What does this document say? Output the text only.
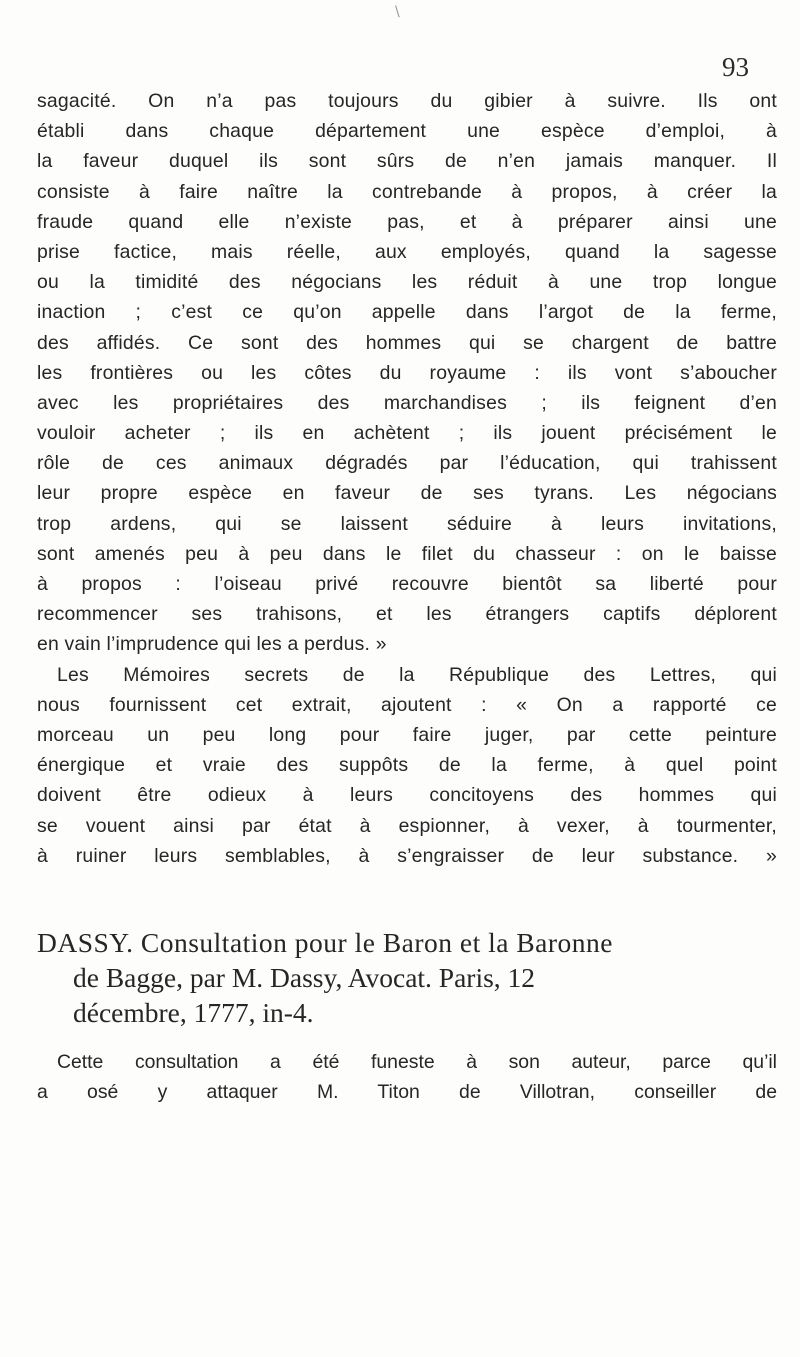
\
93
sagacité. On n’a pas toujours du gibier à suivre. Ils ont
établi dans chaque département une espèce d’emploi, à
la faveur duquel ils sont sûrs de n’en jamais manquer. Il
consiste à faire naître la contrebande à propos, à créer la
fraude quand elle n’existe pas, et à préparer ainsi une
prise factice, mais réelle, aux employés, quand la sagesse
ou la timidité des négocians les réduit à une trop longue
inaction ; c’est ce qu’on appelle dans l’argot de la ferme,
des affidés. Ce sont des hommes qui se chargent de battre
les frontières ou les côtes du royaume : ils vont s’aboucher
avec les propriétaires des marchandises ; ils feignent d’en
vouloir acheter ; ils en achètent ; ils jouent précisément le
rôle de ces animaux dégradés par l’éducation, qui trahissent
leur propre espèce en faveur de ses tyrans. Les négocians
trop ardens, qui se laissent séduire à leurs invitations,
sont amenés peu à peu dans le filet du chasseur : on le baisse
à propos : l’oiseau privé recouvre bientôt sa liberté pour
recommencer ses trahisons, et les étrangers captifs déplorent
en vain l’imprudence qui les a perdus. »
Les Mémoires secrets de la République des Lettres, qui
nous fournissent cet extrait, ajoutent : « On a rapporté ce
morceau un peu long pour faire juger, par cette peinture
énergique et vraie des suppôts de la ferme, à quel point
doivent être odieux à leurs concitoyens des hommes qui
se vouent ainsi par état à espionner, à vexer, à tourmenter,
à ruiner leurs semblables, à s’engraisser de leur substance. »
DASSY. Consultation pour le Baron et la Baronne
de Bagge, par M. Dassy, Avocat. Paris, 12
décembre, 1777, in-4.
Cette consultation a été funeste à son auteur, parce qu’il
a osé y attaquer M. Titon de Villotran, conseiller de
